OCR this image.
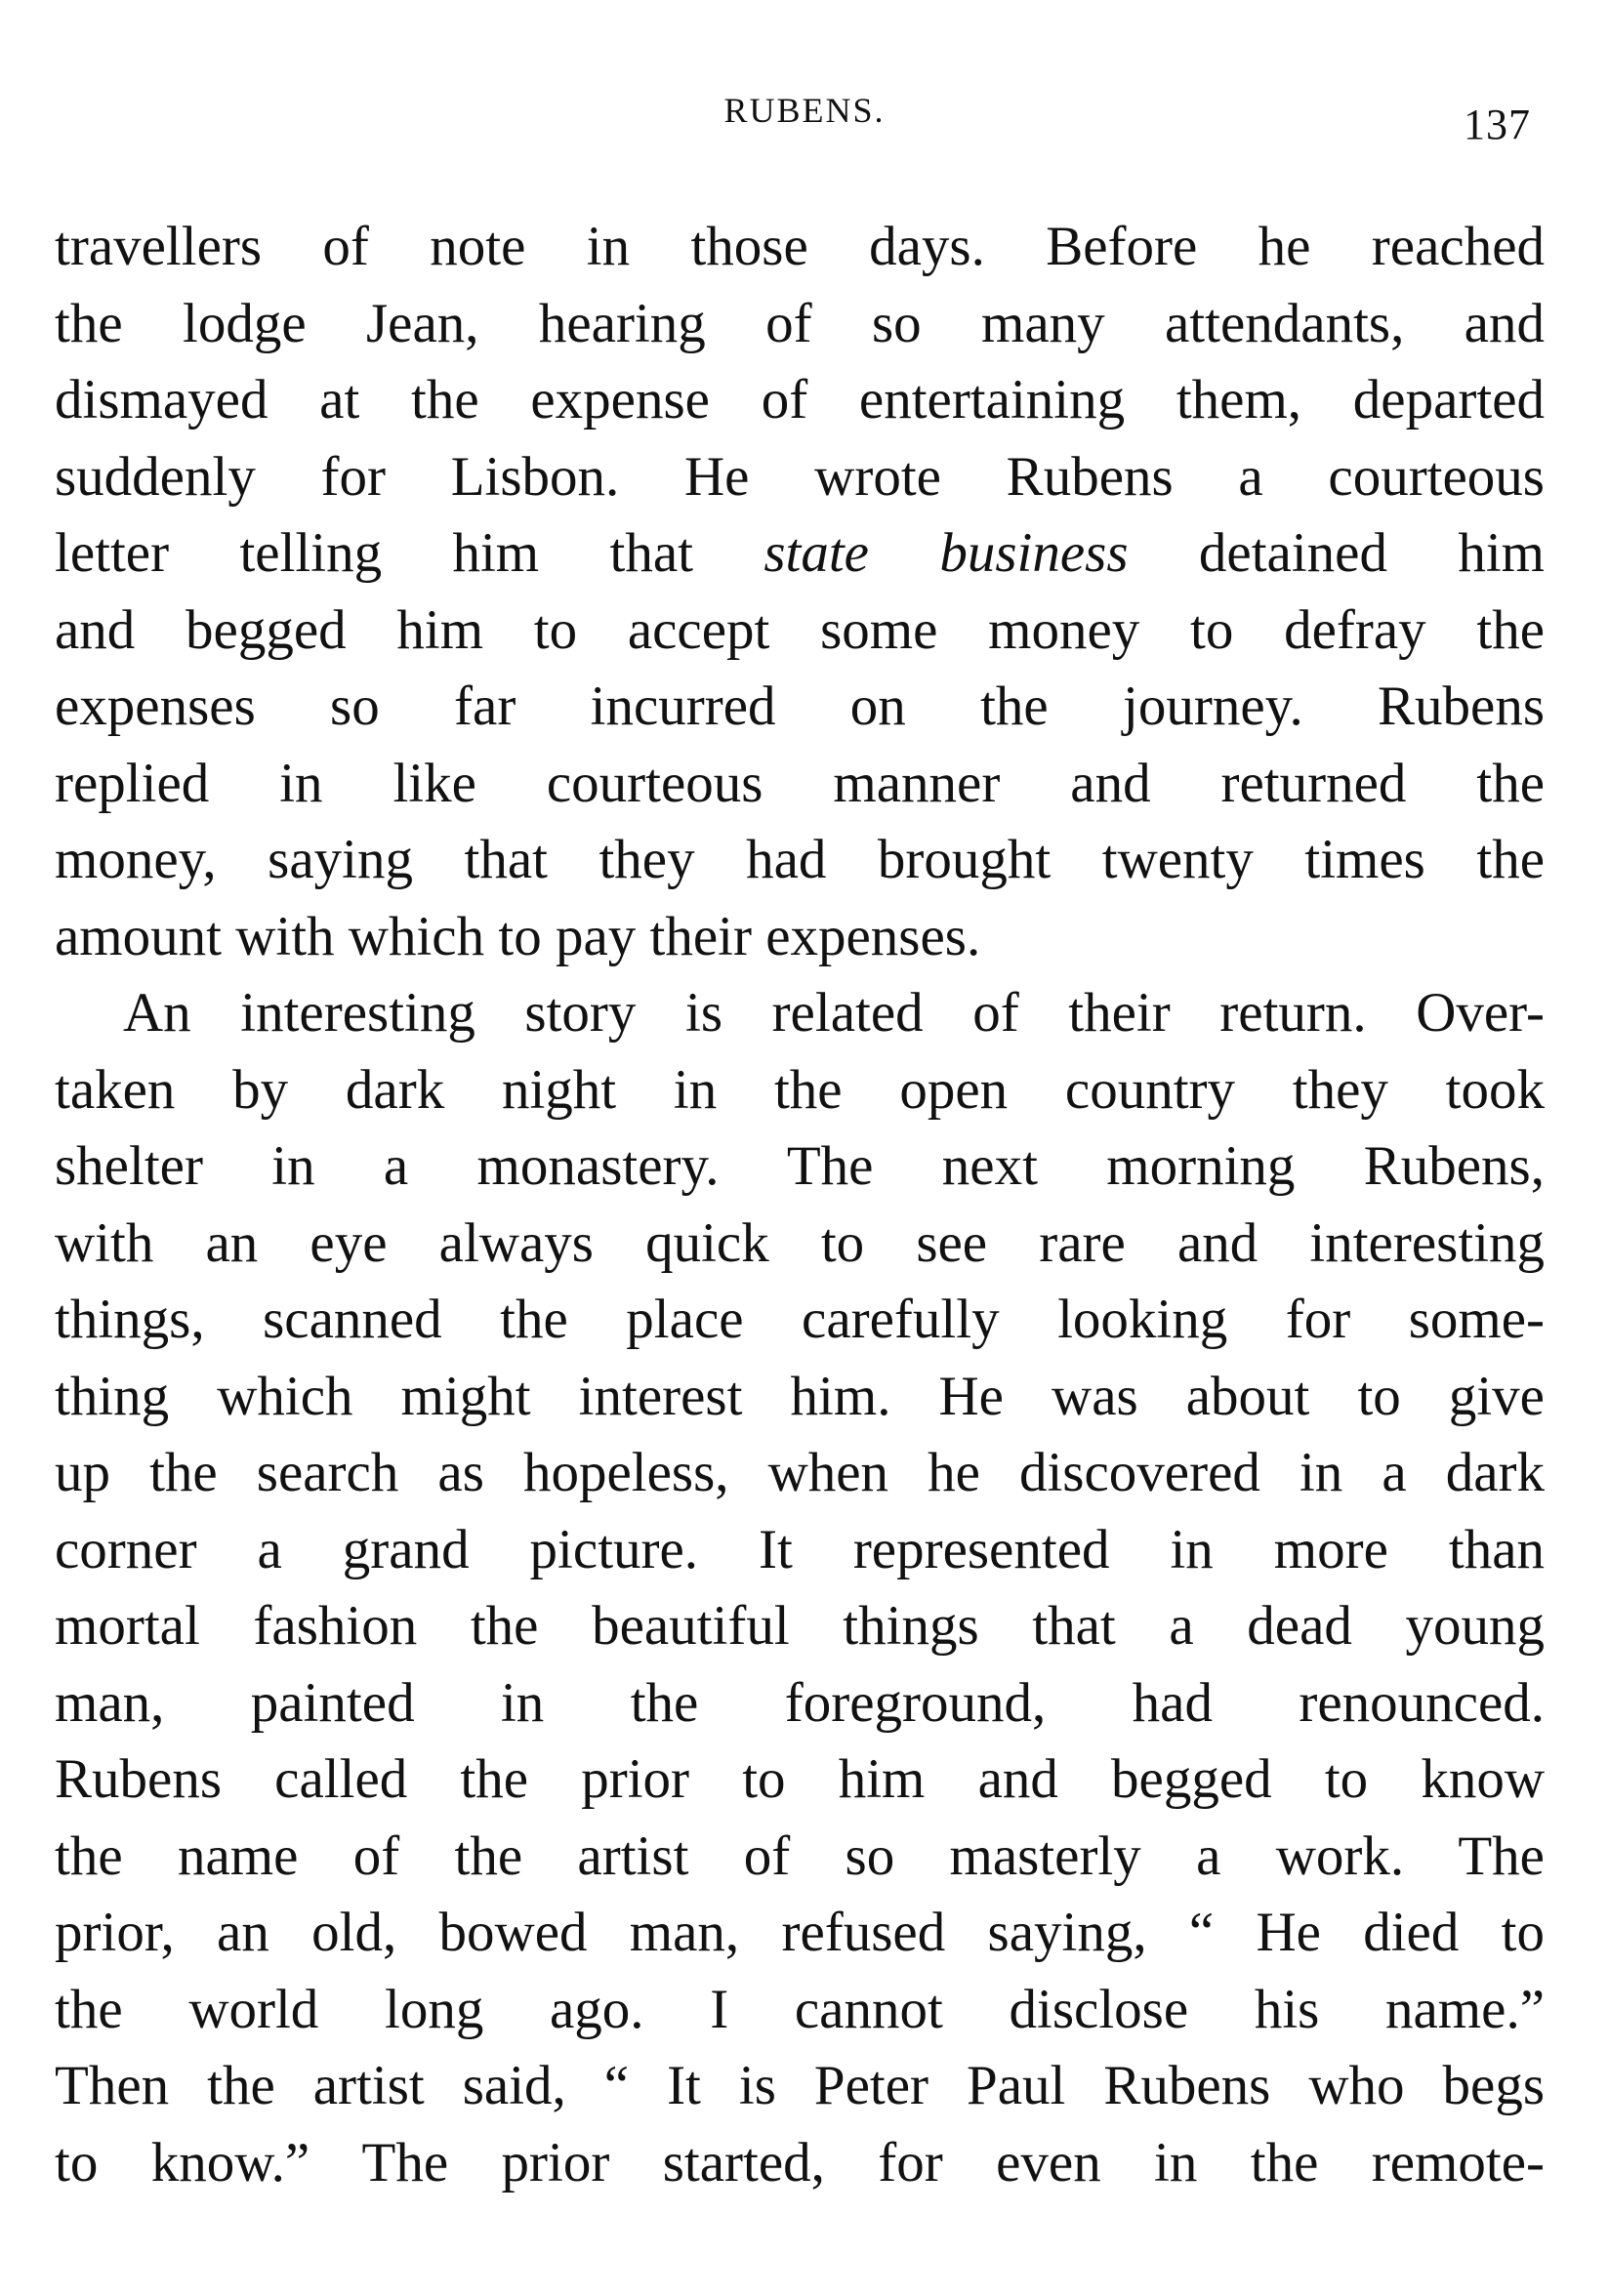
RUBENS.	137
travellers of note in those days. Before he reached
the lodge Jean, hearing of so many attendants, and
dismayed at the expense of entertaining them, departed
suddenly for Lisbon. He wrote Rubens a courteous
letter telling him that state business detained him
and begged him to accept some money to defray the
expenses so far incurred on the journey. Rubens
replied in like courteous manner and returned the
money, saying that they had brought twenty times the
amount with which to pay their expenses.
An interesting story is related of their return. Over-
taken by dark night in the open country they took
shelter in a monastery. The next morning Rubens,
with an eye always quick to see rare and interesting
things, scanned the place carefully looking for some-
thing which might interest him. He was about to give
up the search as hopeless, when he discovered in a dark
corner a grand picture. It represented in more than
mortal fashion the beautiful things that a dead young
man, painted in the foreground, had renounced.
Rubens called the prior to him and begged to know
the name of the artist of so masterly a work. The
prior, an old, bowed man, refused saying, “ He died to
the world long ago. I cannot disclose his name.”
Then the artist said, “ It is Peter Paul Rubens who begs
to know.” The prior started, for even in the remote-
